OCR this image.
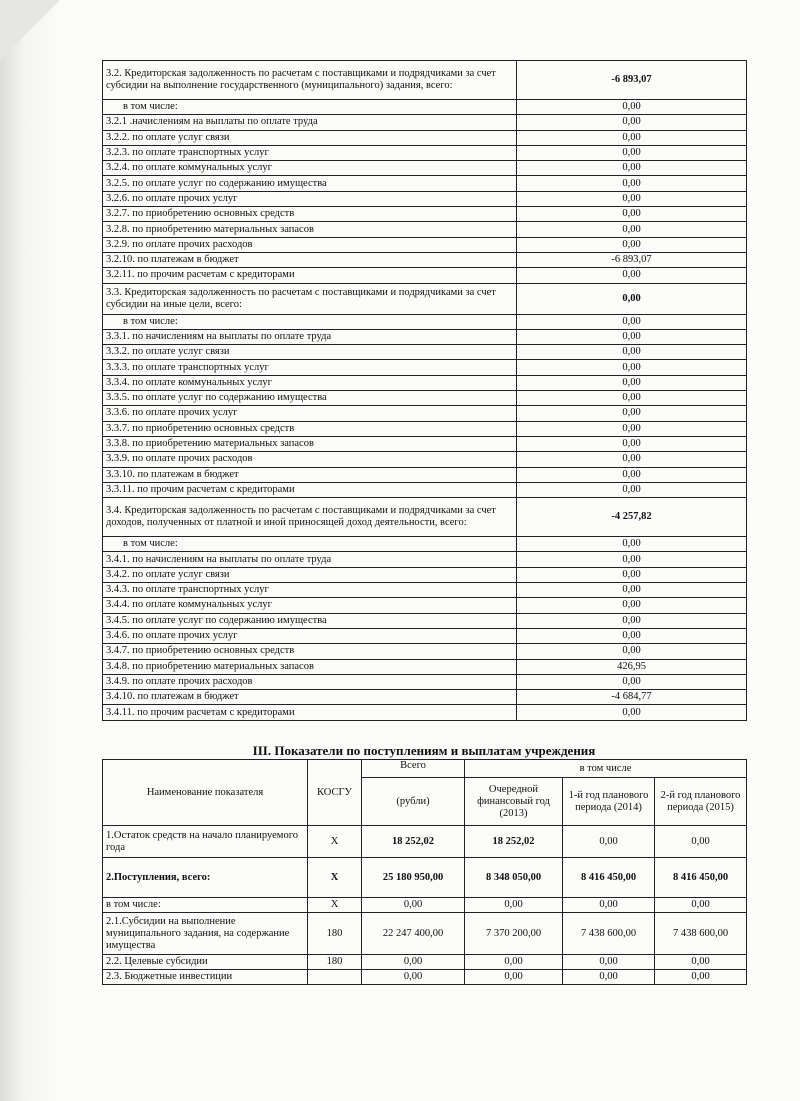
3.2. Кредиторская задолженность по расчетам с поставщиками и подрядчиками за счет субсидии на выполнение государственного (муниципального) задания, всего:	-6 893,07
в том числе:	0,00
3.2.1 .начислениям на выплаты по оплате труда	0,00
3.2.2. по оплате услуг связи	0,00
3.2.3. по оплате транспортных услуг	0,00
3.2.4. по оплате коммунальных услуг	0,00
3.2.5. по оплате услуг по содержанию имущества	0,00
3.2.6. по оплате прочих услуг	0,00
3.2.7. по приобретению основных средств	0,00
3.2.8. по приобретению материальных запасов	0,00
3.2.9. по оплате прочих расходов	0,00
3.2.10. по платежам в бюджет	-6 893,07
3.2.11. по прочим расчетам с кредиторами	0,00
3.3. Кредиторская задолженность по расчетам с поставщиками и подрядчиками за счет субсидии на иные цели, всего:	0,00
в том числе:	0,00
3.3.1. по начислениям на выплаты по оплате труда	0,00
3.3.2. по оплате услуг связи	0,00
3.3.3. по оплате транспортных услуг	0,00
3.3.4. по оплате коммунальных услуг	0,00
3.3.5. по оплате услуг по содержанию имущества	0,00
3.3.6. по оплате прочих услуг	0,00
3.3.7. по приобретению основных средств	0,00
3.3.8. по приобретению материальных запасов	0,00
3.3.9. по оплате прочих расходов	0,00
3.3.10. по платежам в бюджет	0,00
3.3.11. по прочим расчетам с кредиторами	0,00
3.4. Кредиторская задолженность по расчетам с поставщиками и подрядчиками за счет доходов, полученных от платной и иной приносящей доход деятельности, всего:	-4 257,82
в том числе:	0,00
3.4.1. по начислениям на выплаты по оплате труда	0,00
3.4.2. по оплате услуг связи	0,00
3.4.3. по оплате транспортных услуг	0,00
3.4.4. по оплате коммунальных услуг	0,00
3.4.5. по оплате услуг по содержанию имущества	0,00
3.4.6. по оплате прочих услуг	0,00
3.4.7. по приобретению основных средств	0,00
3.4.8. по приобретению материальных запасов	426,95
3.4.9. по оплате прочих расходов	0,00
3.4.10. по платежам в бюджет	-4 684,77
3.4.11. по прочим расчетам с кредиторами	0,00
III. Показатели по поступлениям и выплатам учреждения
Наименование показателя	КОСГУ	Всего	в том числе		
		(рубли)	Очередной финансовый год (2013)	1-й год планового периода (2014)	2-й год планового периода (2015)
1.Остаток средств на начало планируемого года	X	18 252,02	18 252,02	0,00	0,00
2.Поступления, всего:	X	25 180 950,00	8 348 050,00	8 416 450,00	8 416 450,00
в том числе:	X	0,00	0,00	0,00	0,00
2.1.Субсидии на выполнение муниципального задания, на содержание имущества	180	22 247 400,00	7 370 200,00	7 438 600,00	7 438 600,00
2.2. Целевые субсидии	180	0,00	0,00	0,00	0,00
2.3. Бюджетные инвестиции		0,00	0,00	0,00	0,00
